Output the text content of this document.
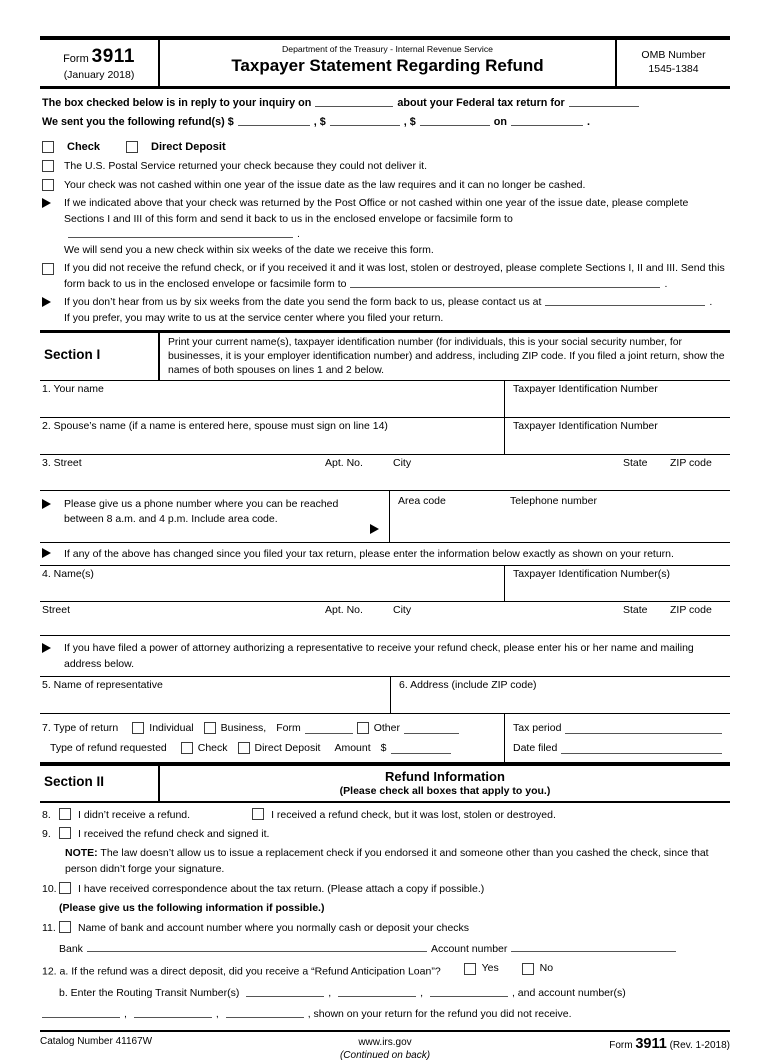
Form 3911
(January 2018)
Department of the Treasury - Internal Revenue Service
Taxpayer Statement Regarding Refund
OMB Number
1545-1384
The box checked below is in reply to your inquiry on	about your Federal tax return for
We sent you the following refund(s) $	, $	, $	on	.
Check	Direct Deposit
The U.S. Postal Service returned your check because they could not deliver it.
Your check was not cashed within one year of the issue date as the law requires and it can no longer be cashed.
If we indicated above that your check was returned by the Post Office or not cashed within one year of the issue date, please complete Sections I and III of this form and send it back to us in the enclosed envelope or facsimile form to.
We will send you a new check within six weeks of the date we receive this form.
If you did not receive the refund check, or if you received it and it was lost, stolen or destroyed, please complete Sections I, II and III. Send this form back to us in the enclosed envelope or facsimile form to	.
If you don’t hear from us by six weeks from the date you send the form back to us, please contact us at	.
If you prefer, you may write to us at the service center where you filed your return.
Section I
Print your current name(s), taxpayer identification number (for individuals, this is your social security number, for businesses, it is your employer identification number) and address, including ZIP code. If you filed a joint return, show the names of both spouses on lines 1 and 2 below.
1. Your name	Taxpayer Identification Number
2. Spouse’s name (if a name is entered here, spouse must sign on line 14)	Taxpayer Identification Number
3. Street	Apt. No.	City	State	ZIP code
Please give us a phone number where you can be reached between 8 a.m. and 4 p.m. Include area code.
Area code	Telephone number
If any of the above has changed since you filed your tax return, please enter the information below exactly as shown on your return.
4. Name(s)	Taxpayer Identification Number(s)
Street	Apt. No.	City	State	ZIP code
If you have filed a power of attorney authorizing a representative to receive your refund check, please enter his or her name and mailing address below.
5. Name of representative	6. Address (include ZIP code)
7. Type of return	Individual	Business, Form	Other
Type of refund requested	Check	Direct Deposit Amount $
Tax period
Date filed
Section II	Refund Information
(Please check all boxes that apply to you.)
8.	I didn’t receive a refund.	I received a refund check, but it was lost, stolen or destroyed.
9.	I received the refund check and signed it.
NOTE: The law doesn’t allow us to issue a replacement check if you endorsed it and someone other than you cashed the check, since that person didn’t forge your signature.
10. I have received correspondence about the tax return. (Please attach a copy if possible.)
(Please give us the following information if possible.)
11.	Name of bank and account number where you normally cash or deposit your checks
Bank	Account number
12. a. If the refund was a direct deposit, did you receive a “Refund Anticipation Loan”?	Yes
	No
b. Enter the Routing Transit Number(s)	,	,	, and account number(s)
,	,	, shown on your return for the refund you did not receive.
Catalog Number 41167W	www.irs.gov
(Continued on back)
Form 3911 (Rev. 1-2018)
